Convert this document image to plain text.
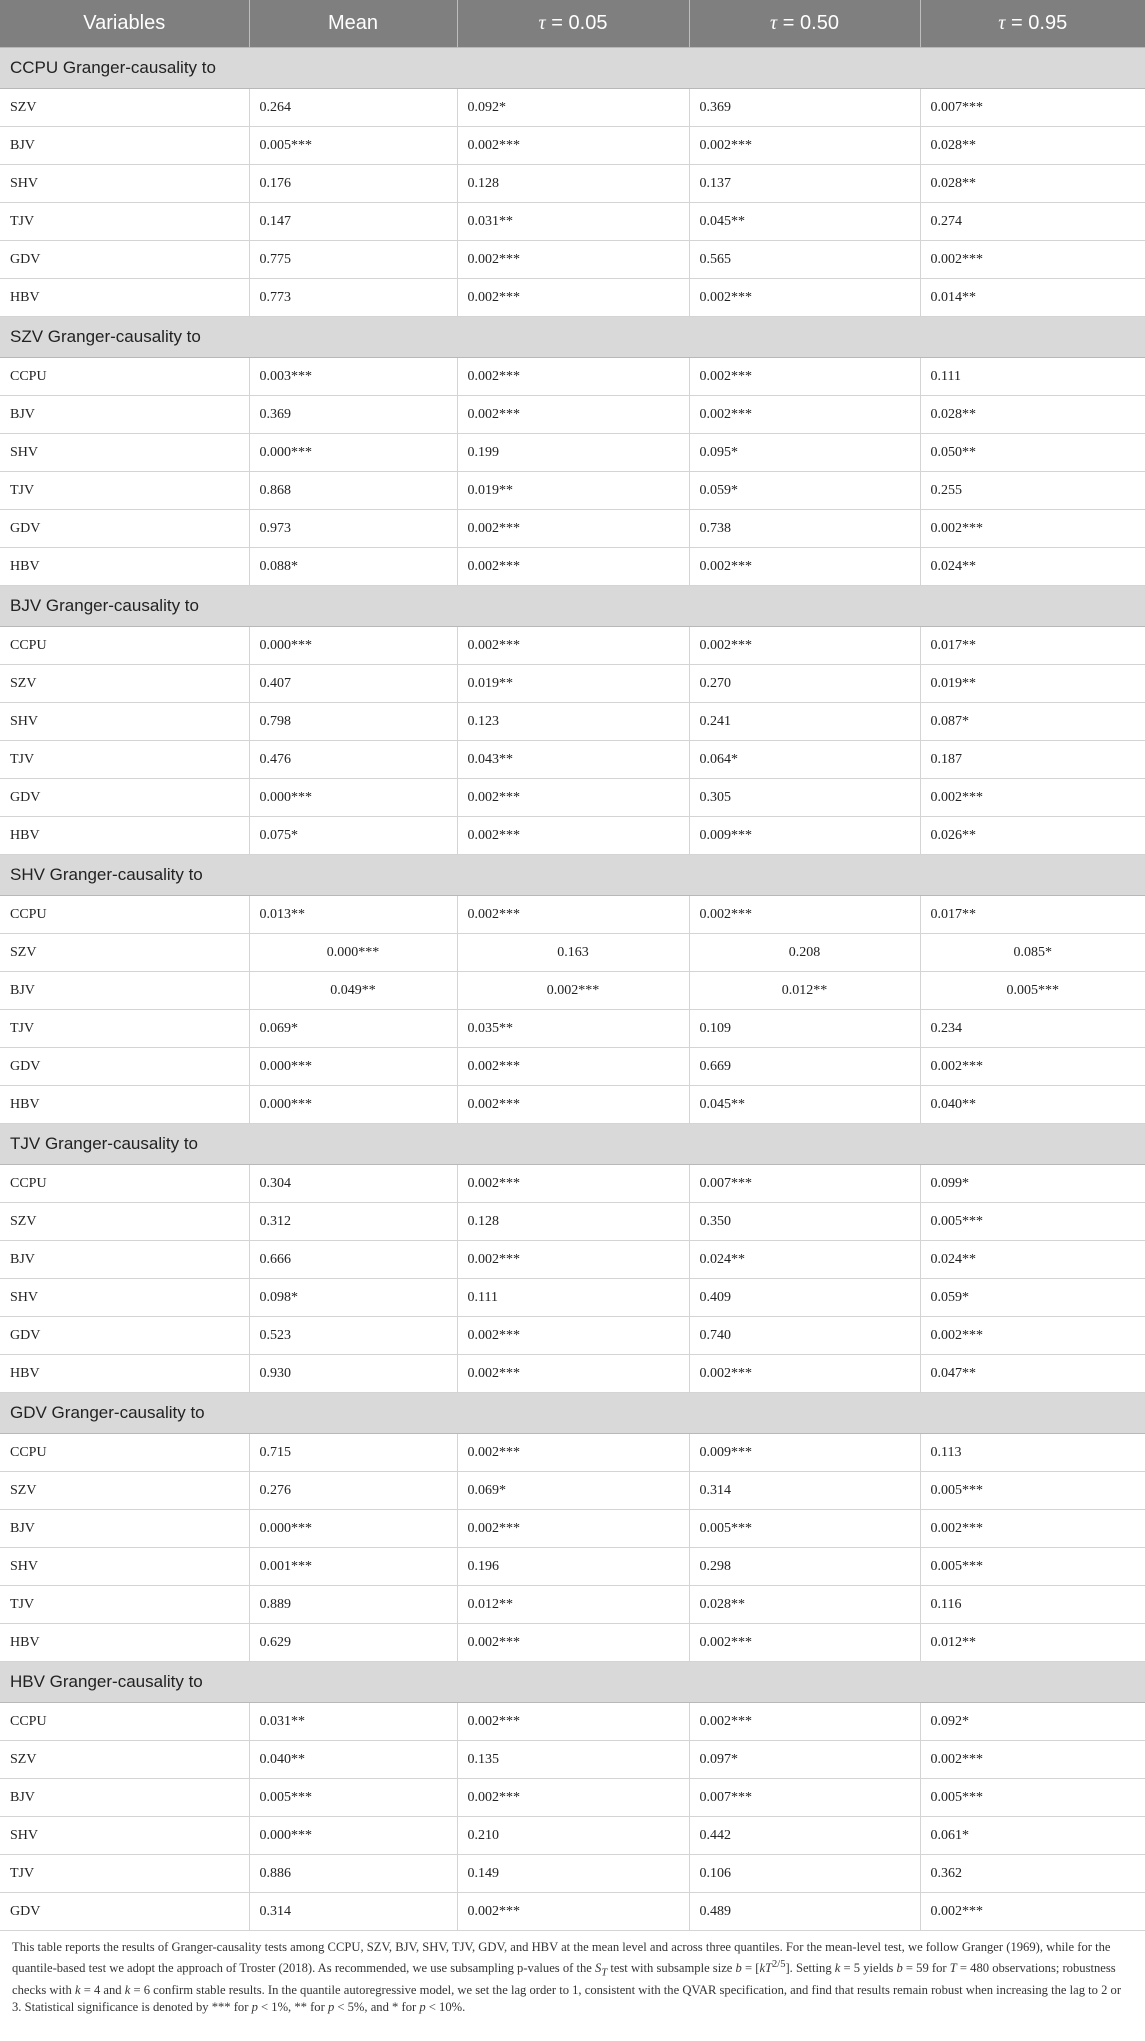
Variables	Mean	τ = 0.05	τ = 0.50	τ = 0.95
CCPU Granger-causality to				
SZV	0.264	0.092*	0.369	0.007***
BJV	0.005***	0.002***	0.002***	0.028**
SHV	0.176	0.128	0.137	0.028**
TJV	0.147	0.031**	0.045**	0.274
GDV	0.775	0.002***	0.565	0.002***
HBV	0.773	0.002***	0.002***	0.014**
SZV Granger-causality to				
CCPU	0.003***	0.002***	0.002***	0.111
BJV	0.369	0.002***	0.002***	0.028**
SHV	0.000***	0.199	0.095*	0.050**
TJV	0.868	0.019**	0.059*	0.255
GDV	0.973	0.002***	0.738	0.002***
HBV	0.088*	0.002***	0.002***	0.024**
BJV Granger-causality to				
CCPU	0.000***	0.002***	0.002***	0.017**
SZV	0.407	0.019**	0.270	0.019**
SHV	0.798	0.123	0.241	0.087*
TJV	0.476	0.043**	0.064*	0.187
GDV	0.000***	0.002***	0.305	0.002***
HBV	0.075*	0.002***	0.009***	0.026**
SHV Granger-causality to				
CCPU	0.013**	0.002***	0.002***	0.017**
SZV	0.000***	0.163	0.208	0.085*
BJV	0.049**	0.002***	0.012**	0.005***
TJV	0.069*	0.035**	0.109	0.234
GDV	0.000***	0.002***	0.669	0.002***
HBV	0.000***	0.002***	0.045**	0.040**
TJV Granger-causality to				
CCPU	0.304	0.002***	0.007***	0.099*
SZV	0.312	0.128	0.350	0.005***
BJV	0.666	0.002***	0.024**	0.024**
SHV	0.098*	0.111	0.409	0.059*
GDV	0.523	0.002***	0.740	0.002***
HBV	0.930	0.002***	0.002***	0.047**
GDV Granger-causality to				
CCPU	0.715	0.002***	0.009***	0.113
SZV	0.276	0.069*	0.314	0.005***
BJV	0.000***	0.002***	0.005***	0.002***
SHV	0.001***	0.196	0.298	0.005***
TJV	0.889	0.012**	0.028**	0.116
HBV	0.629	0.002***	0.002***	0.012**
HBV Granger-causality to				
CCPU	0.031**	0.002***	0.002***	0.092*
SZV	0.040**	0.135	0.097*	0.002***
BJV	0.005***	0.002***	0.007***	0.005***
SHV	0.000***	0.210	0.442	0.061*
TJV	0.886	0.149	0.106	0.362
GDV	0.314	0.002***	0.489	0.002***
This table reports the results of Granger-causality tests among CCPU, SZV, BJV, SHV, TJV, GDV, and HBV at the mean level and across three quantiles. For the mean-level test, we follow Granger (1969), while for the quantile-based test we adopt the approach of Troster (2018). As recommended, we use subsampling p-values of the $S_T$ test with subsample size $b = [kT^{2/5}]$. Setting k = 5 yields b = 59 for T = 480 observations; robustness checks with k = 4 and k = 6 confirm stable results. In the quantile autoregressive model, we set the lag order to 1, consistent with the QVAR specification, and find that results remain robust when increasing the lag to 2 or 3. Statistical significance is denoted by *** for p < 1%, ** for p < 5%, and * for p < 10%.
